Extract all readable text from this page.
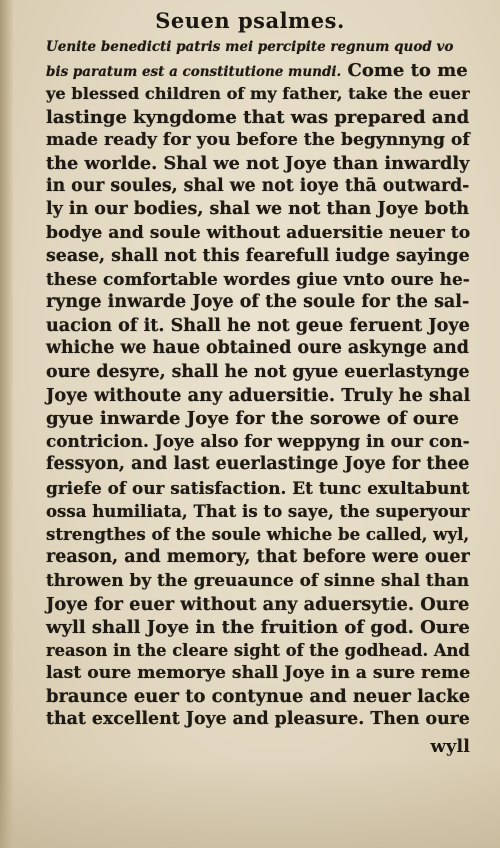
Seuen psalmes.
Uenite benedicti patris mei percipite regnum quod vo
bis paratum est a constitutione mundi. Come to me
ye blessed children of my father, take the euer
lastinge kyngdome that was prepared and
made ready for you before the begynnyng of
the worlde. Shal we not Joye than inwardly
in our soules, shal we not ioye thā outward-
ly in our bodies, shal we not than Joye both
bodye and soule without aduersitie neuer to
sease, shall not this fearefull iudge sayinge
these comfortable wordes giue vnto oure he-
rynge inwarde Joye of the soule for the sal-
uacion of it. Shall he not geue feruent Joye
whiche we haue obtained oure askynge and
oure desyre, shall he not gyue euerlastynge
Joye withoute any aduersitie. Truly he shal
gyue inwarde Joye for the sorowe of oure
contricion. Joye also for weppyng in our con-
fessyon, and last euerlastinge Joye for thee
griefe of our satisfaction. Et tunc exultabunt
ossa humiliata, That is to saye, the superyour
strengthes of the soule whiche be called, wyl,
reason, and memory, that before were ouer
throwen by the greuaunce of sinne shal than
Joye for euer without any aduersytie. Oure
wyll shall Joye in the fruition of god. Oure
reason in the cleare sight of the godhead. And
last oure memorye shall Joye in a sure reme
braunce euer to contynue and neuer lacke
that excellent Joye and pleasure. Then oure
wyll
